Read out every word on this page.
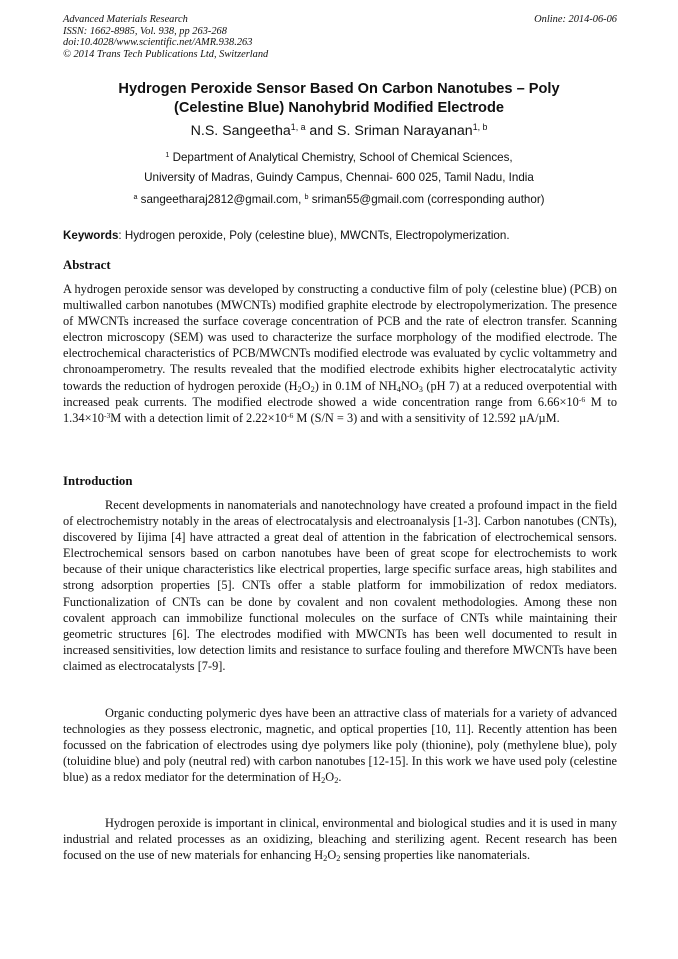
Advanced Materials Research
ISSN: 1662-8985, Vol. 938, pp 263-268
doi:10.4028/www.scientific.net/AMR.938.263
© 2014 Trans Tech Publications Ltd, Switzerland
Online: 2014-06-06
Hydrogen Peroxide Sensor Based On Carbon Nanotubes – Poly
(Celestine Blue) Nanohybrid Modified Electrode
N.S. Sangeetha$^{1, a}$ and S. Sriman Narayanan$^{1, b}$
$^1$ Department of Analytical Chemistry, School of Chemical Sciences,
University of Madras, Guindy Campus, Chennai- 600 025, Tamil Nadu, India
$^a$ sangeetharaj2812@gmail.com, $^b$ sriman55@gmail.com (corresponding author)
Keywords: Hydrogen peroxide, Poly (celestine blue), MWCNTs, Electropolymerization.
Abstract

A hydrogen peroxide sensor was developed by constructing a conductive film of poly (celestine blue) (PCB) on multiwalled carbon nanotubes (MWCNTs) modified graphite electrode by electropolymerization. The presence of MWCNTs increased the surface coverage concentration of PCB and the rate of electron transfer. Scanning electron microscopy (SEM) was used to characterize the surface morphology of the modified electrode. The electrochemical characteristics of PCB/MWCNTs modified electrode was evaluated by cyclic voltammetry and chronoamperometry. The results revealed that the modified electrode exhibits higher electrocatalytic activity towards the reduction of hydrogen peroxide $(H_2O_2)$ in 0.1M of $NH_4NO_3$ (pH 7) at a reduced overpotential with increased peak currents. The modified electrode showed a wide concentration range from $6.66\times 10^{-6}$ M to $1.34\times 10^{-3}M$ with a detection limit of $2.22\times 10^{-6}$ M (S/N = 3) and with a sensitivity of 12.592 µA/µM.

Introduction

Recent developments in nanomaterials and nanotechnology have created a profound impact in the field of electrochemistry notably in the areas of electrocatalysis and electroanalysis [1-3]. Carbon nanotubes (CNTs), discovered by Iijima [4] have attracted a great deal of attention in the fabrication of electrochemical sensors. Electrochemical sensors based on carbon nanotubes have been of great scope for electrochemists to work because of their unique characteristics like electrical properties, large specific surface areas, high stabilites and strong adsorption properties [5]. CNTs offer a stable platform for immobilization of redox mediators. Functionalization of CNTs can be done by covalent and non covalent methodologies. Among these non covalent approach can immobilize functional molecules on the surface of CNTs while maintaining their geometric structures [6]. The electrodes modified with MWCNTs has been well documented to result in increased sensitivities, low detection limits and resistance to surface fouling and therefore MWCNTs have been claimed as electrocatalysts [7-9].

Organic conducting polymeric dyes have been an attractive class of materials for a variety of advanced technologies as they possess electronic, magnetic, and optical properties [10, 11]. Recently attention has been focussed on the fabrication of electrodes using dye polymers like poly (thionine), poly (methylene blue), poly (toluidine blue) and poly (neutral red) with carbon nanotubes [12-15]. In this work we have used poly (celestine blue) as a redox mediator for the determination of $H_2O_2$.

Hydrogen peroxide is important in clinical, environmental and biological studies and it is used in many industrial and related processes as an oxidizing, bleaching and sterilizing agent. Recent research has been focused on the use of new materials for enhancing $H_2O_2$ sensing properties like nanomaterials.
